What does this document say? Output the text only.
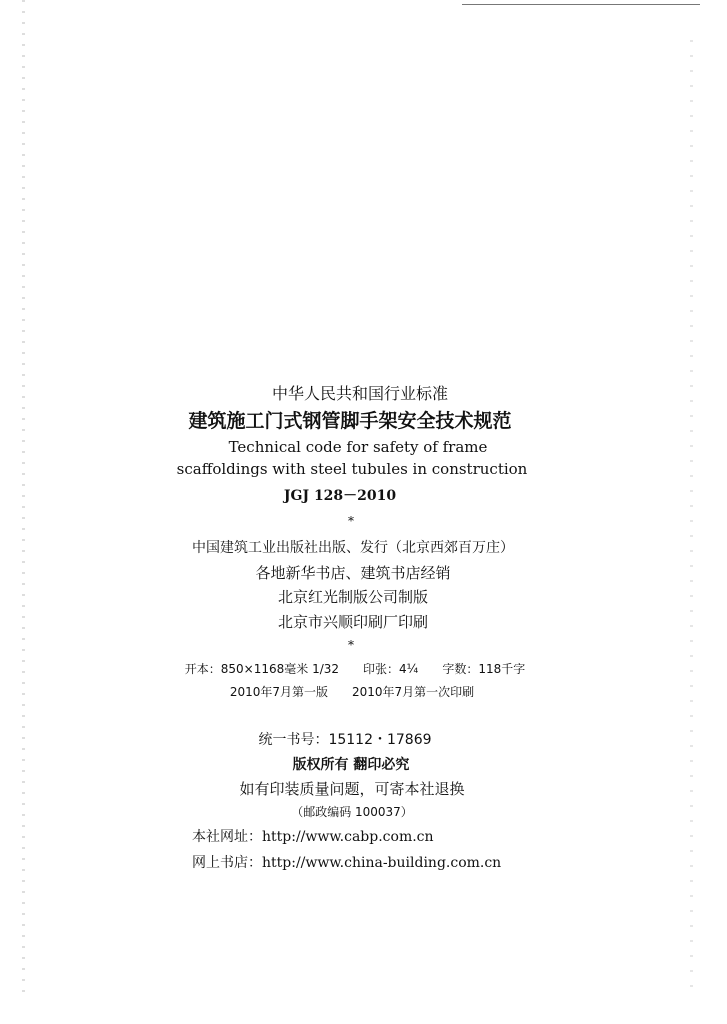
中华人民共和国行业标准
建筑施工门式钢管脚手架安全技术规范
Technical code for safety of frame
scaffoldings with steel tubules in construction
JGJ 128－2010
*
中国建筑工业出版社出版、发行（北京西郊百万庄）
各地新华书店、建筑书店经销
北京红光制版公司制版
北京市兴顺印刷厂印刷
*
开本：850×1168毫米 1/32 印张：4¼ 字数：118千字
2010年7月第一版 2010年7月第一次印刷
统一书号：15112・17869
版权所有 翻印必究
如有印装质量问题，可寄本社退换
（邮政编码 100037）
本社网址：http://www.cabp.com.cn
网上书店：http://www.china-building.com.cn
